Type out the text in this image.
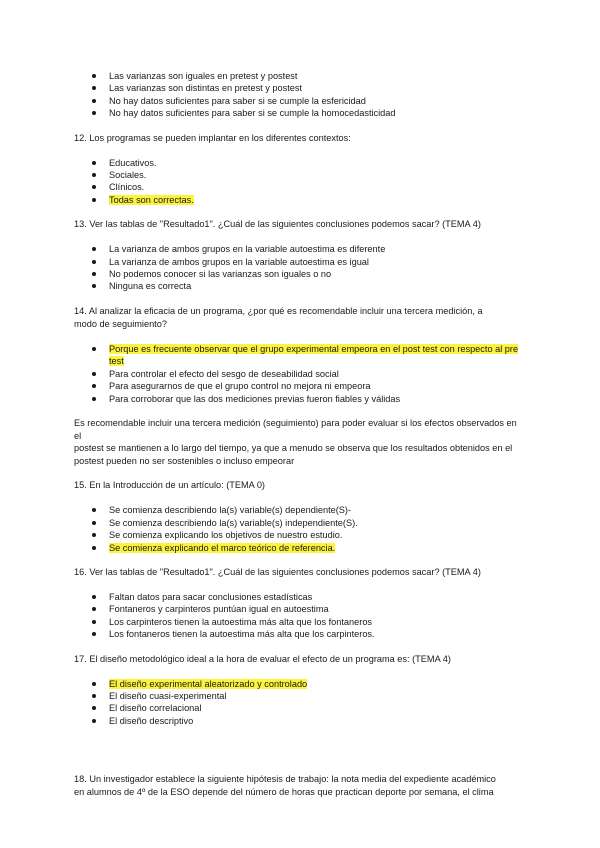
Las varianzas son iguales en pretest y postest
Las varianzas son distintas en pretest y postest
No hay datos suficientes para saber si se cumple la esfericidad
No hay datos suficientes para saber si se cumple la homocedasticidad

12. Los programas se pueden implantar en los diferentes contextos:

Educativos.
Sociales.
Clínicos.
Todas son correctas.

13. Ver las tablas de "Resultado1". ¿Cuál de las siguientes conclusiones podemos sacar? (TEMA 4)

La varianza de ambos grupos en la variable autoestima es diferente
La varianza de ambos grupos en la variable autoestima es igual
No podemos conocer si las varianzas son iguales o no
Ninguna es correcta

14. Al analizar la eficacia de un programa, ¿por qué es recomendable incluir una tercera medición, a
modo de seguimiento?

Porque es frecuente observar que el grupo experimental empeora en el post test con respecto al pre
test
Para controlar el efecto del sesgo de deseabilidad social
Para asegurarnos de que el grupo control no mejora ni empeora
Para corroborar que las dos mediciones previas fueron fiables y válidas

Es recomendable incluir una tercera medición (seguimiento) para poder evaluar si los efectos observados en el
postest se mantienen a lo largo del tiempo, ya que a menudo se observa que los resultados obtenidos en el
postest pueden no ser sostenibles o incluso empeorar

15. En la Introducción de un artículo: (TEMA 0)

Se comienza describiendo la(s) variable(s) dependiente(S)-
Se comienza describiendo la(s) variable(s) independiente(S).
Se comienza explicando los objetivos de nuestro estudio.
Se comienza explicando el marco teórico de referencia.

16. Ver las tablas de "Resultado1". ¿Cuál de las siguientes conclusiones podemos sacar? (TEMA 4)

Faltan datos para sacar conclusiones estadísticas
Fontaneros y carpinteros puntúan igual en autoestima
Los carpinteros tienen la autoestima más alta que los fontaneros
Los fontaneros tienen la autoestima más alta que los carpinteros.

17. El diseño metodológico ideal a la hora de evaluar el efecto de un programa es: (TEMA 4)

El diseño experimental aleatorizado y controlado
El diseño cuasi-experimental
El diseño correlacional
El diseño descriptivo

18. Un investigador establece la siguiente hipótesis de trabajo: la nota media del expediente académico
en alumnos de 4º de la ESO depende del número de horas que practican deporte por semana, el clima
